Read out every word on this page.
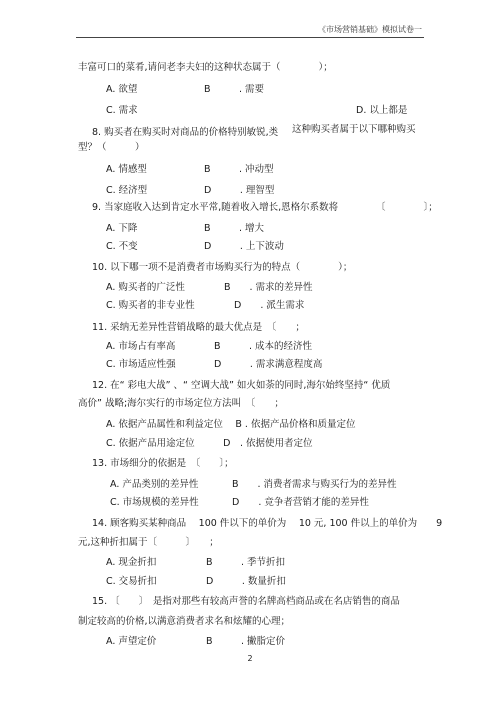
《市场营销基础》模拟试卷一
丰富可口的菜肴,请问老李夫妇的这种状态属于（　　　　）；
A. 欲望	B　　　. 需要
C. 需求	D. 以上都是
8. 购买者在购买时对商品的价格特别敏锐,类 这种购买者属于以下哪种购买
型？（　　　）
A. 情感型	B　　　. 冲动型
C. 经济型	D　　　. 理智型
9. 当家庭收入达到肯定水平常,随着收入增长,恩格尔系数将	〔　　　　〕；
A. 下降	B　　　. 增大
C. 不变	D　　　. 上下波动
10. 以下哪一项不是消费者市场购买行为的特点（　　　　）；
A. 购买者的广泛性	B　　. 需求的差异性
C. 购买者的非专业性	D　　. 派生需求
11. 采纳无差异性营销战略的最大优点是　〔　　；
A. 市场占有率高	B　　　. 成本的经济性
C. 市场适应性强	D　　　. 需求满意程度高
12. 在“ 彩电大战” 、“ 空调大战” 如火如荼的同时,海尔始终坚持“ 优质
高价” 战略;海尔实行的市场定位方法叫　〔　　；
A. 依据产品属性和利益定位　 B . 依据产品价格和质量定位
C. 依据产品用途定位　　　D　. 依据使用者定位
13. 市场细分的依据是　〔　　〕；
A. 产品类别的差异性	B　　. 消费者需求与购买行为的差异性
C. 市场规模的差异性	D　　. 竞争者营销才能的差异性
14. 顾客购买某种商品　 100 件以下的单价为　 10 元, 100 件以上的单价为　　9
元,这种折扣属于〔　　　〕　　；
A. 现金折扣	B　　　. 季节折扣
C. 交易折扣	D　　　. 数量折扣
15. 〔　　〕　是指对那些有较高声誉的名牌高档商品或在名店销售的商品
制定较高的价格,以满意消费者求名和炫耀的心理；
A. 声望定价	B　　　. 撇脂定价
2
